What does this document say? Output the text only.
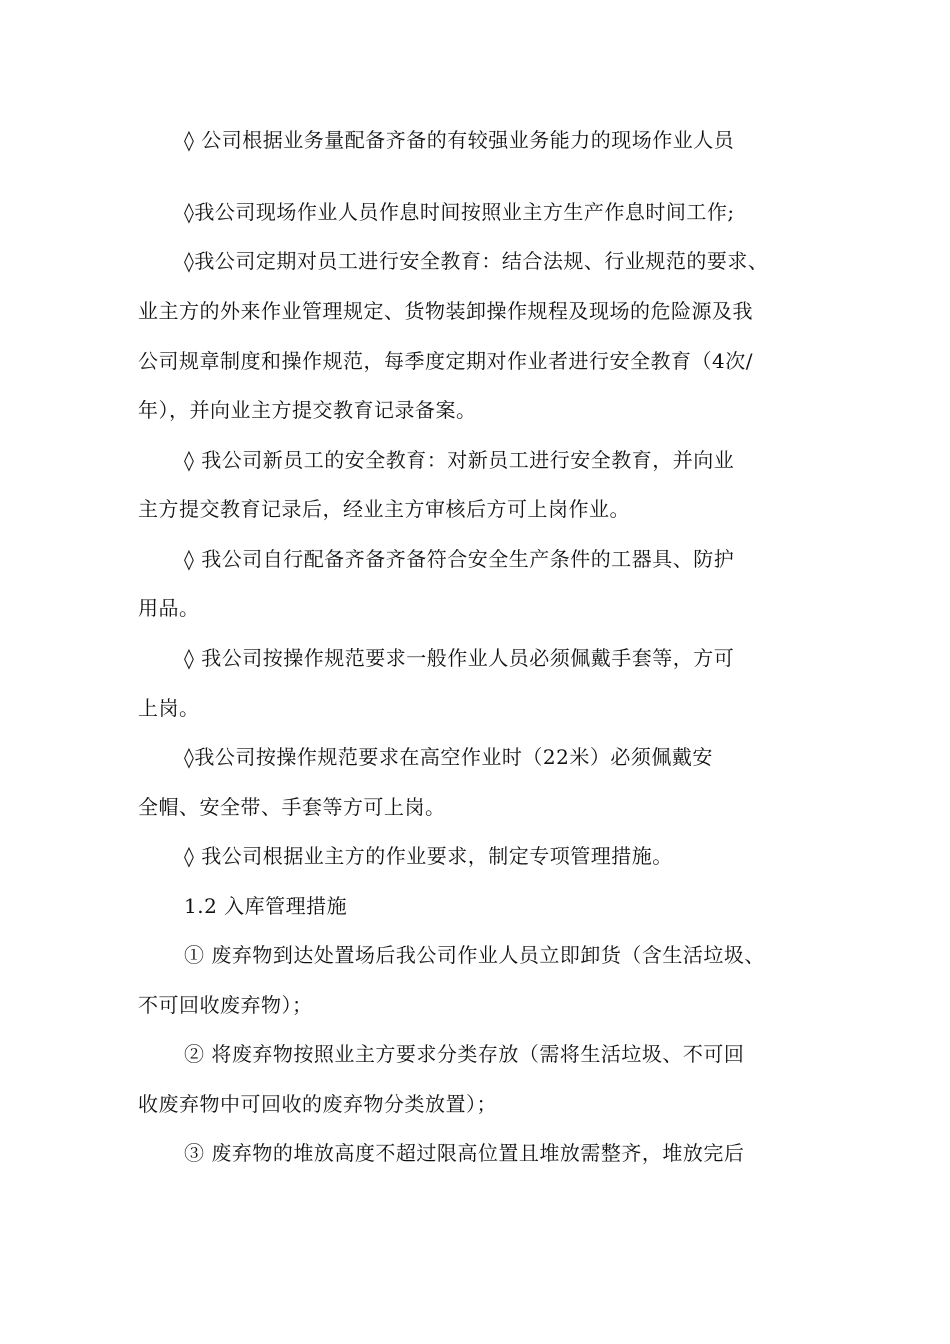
◊ 公司根据业务量配备齐备的有较强业务能力的现场作业人员
◊我公司现场作业人员作息时间按照业主方生产作息时间工作;
◊我公司定期对员工进行安全教育：结合法规、行业规范的要求、
业主方的外来作业管理规定、货物装卸操作规程及现场的危险源及我
公司规章制度和操作规范，每季度定期对作业者进行安全教育（4次/
年），并向业主方提交教育记录备案。
◊ 我公司新员工的安全教育：对新员工进行安全教育，并向业
主方提交教育记录后，经业主方审核后方可上岗作业。
◊ 我公司自行配备齐备齐备符合安全生产条件的工器具、防护
用品。
◊ 我公司按操作规范要求一般作业人员必须佩戴手套等，方可
上岗。
◊我公司按操作规范要求在高空作业时（22米）必须佩戴安
全帽、安全带、手套等方可上岗。
◊ 我公司根据业主方的作业要求，制定专项管理措施。
1.2 入库管理措施
① 废弃物到达处置场后我公司作业人员立即卸货（含生活垃圾、
不可回收废弃物）；
② 将废弃物按照业主方要求分类存放（需将生活垃圾、不可回
收废弃物中可回收的废弃物分类放置）；
③ 废弃物的堆放高度不超过限高位置且堆放需整齐，堆放完后
